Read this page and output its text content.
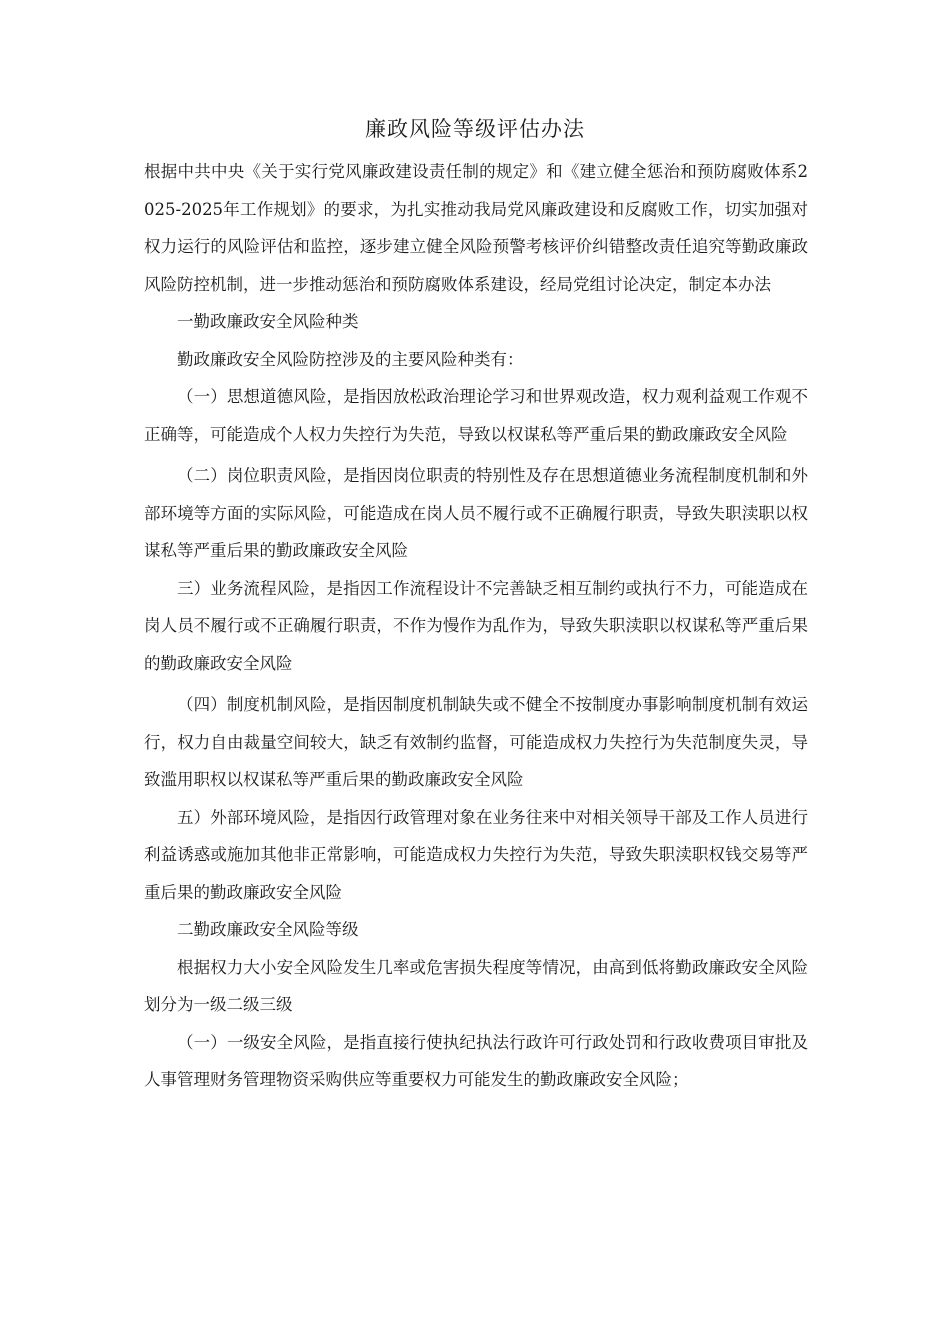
廉政风险等级评估办法

根据中共中央《关于实行党风廉政建设责任制的规定》和《建立健全惩治和预防腐败体系2025-2025年工作规划》的要求，为扎实推动我局党风廉政建设和反腐败工作，切实加强对权力运行的风险评估和监控，逐步建立健全风险预警考核评价纠错整改责任追究等勤政廉政风险防控机制，进一步推动惩治和预防腐败体系建设，经局党组讨论决定，制定本办法

一勤政廉政安全风险种类

勤政廉政安全风险防控涉及的主要风险种类有：

（一）思想道德风险，是指因放松政治理论学习和世界观改造，权力观利益观工作观不正确等，可能造成个人权力失控行为失范，导致以权谋私等严重后果的勤政廉政安全风险

（二）岗位职责风险，是指因岗位职责的特别性及存在思想道德业务流程制度机制和外部环境等方面的实际风险，可能造成在岗人员不履行或不正确履行职责，导致失职渎职以权谋私等严重后果的勤政廉政安全风险

三）业务流程风险，是指因工作流程设计不完善缺乏相互制约或执行不力，可能造成在岗人员不履行或不正确履行职责，不作为慢作为乱作为，导致失职渎职以权谋私等严重后果的勤政廉政安全风险

（四）制度机制风险，是指因制度机制缺失或不健全不按制度办事影响制度机制有效运行，权力自由裁量空间较大，缺乏有效制约监督，可能造成权力失控行为失范制度失灵，导致滥用职权以权谋私等严重后果的勤政廉政安全风险

五）外部环境风险，是指因行政管理对象在业务往来中对相关领导干部及工作人员进行利益诱惑或施加其他非正常影响，可能造成权力失控行为失范，导致失职渎职权钱交易等严重后果的勤政廉政安全风险

二勤政廉政安全风险等级

根据权力大小安全风险发生几率或危害损失程度等情况，由高到低将勤政廉政安全风险划分为一级二级三级

（一）一级安全风险，是指直接行使执纪执法行政许可行政处罚和行政收费项目审批及人事管理财务管理物资采购供应等重要权力可能发生的勤政廉政安全风险；
